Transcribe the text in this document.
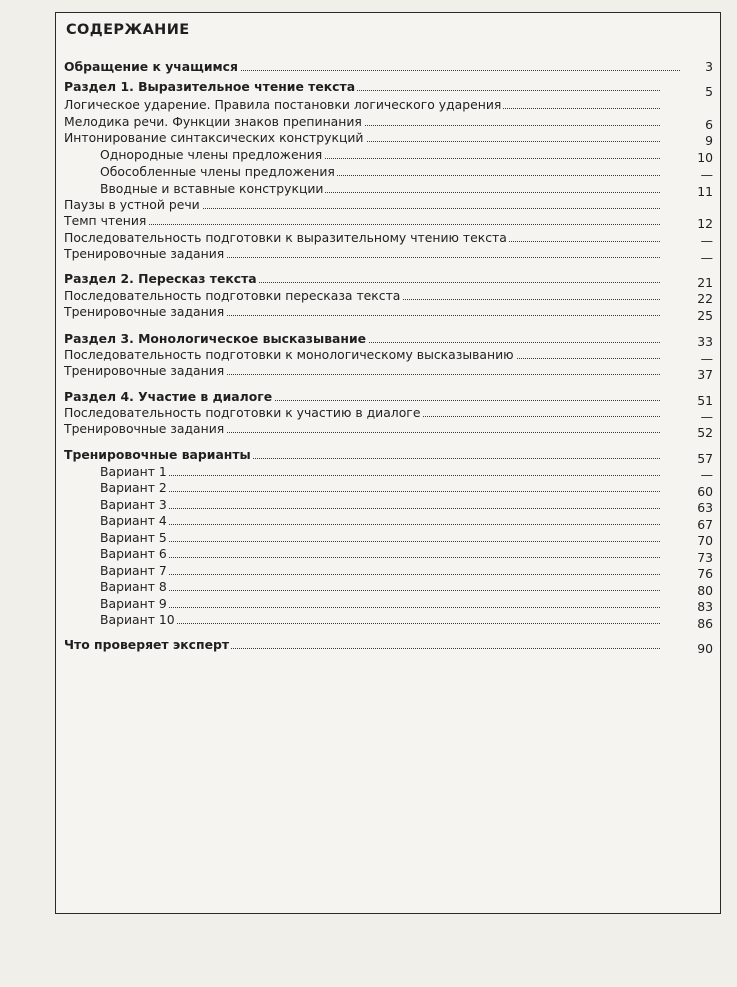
СОДЕРЖАНИЕ
Обращение к учащимся	3
Раздел 1. Выразительное чтение текста	5
Логическое ударение. Правила постановки логического ударения
Мелодика речи. Функции знаков препинания	6
Интонирование синтаксических конструкций	9
Однородные члены предложения	10
Обособленные члены предложения	—
Вводные и вставные конструкции	11
Паузы в устной речи
Темп чтения	12
Последовательность подготовки к выразительному чтению текста	—
Тренировочные задания	—
Раздел 2. Пересказ текста	21
Последовательность подготовки пересказа текста	22
Тренировочные задания	25
Раздел 3. Монологическое высказывание	33
Последовательность подготовки к монологическому высказыванию	—
Тренировочные задания	37
Раздел 4. Участие в диалоге	51
Последовательность подготовки к участию в диалоге	—
Тренировочные задания	52
Тренировочные варианты	57
Вариант 1	—
Вариант 2	60
Вариант 3	63
Вариант 4	67
Вариант 5	70
Вариант 6	73
Вариант 7	76
Вариант 8	80
Вариант 9	83
Вариант 10	86
Что проверяет эксперт	90
